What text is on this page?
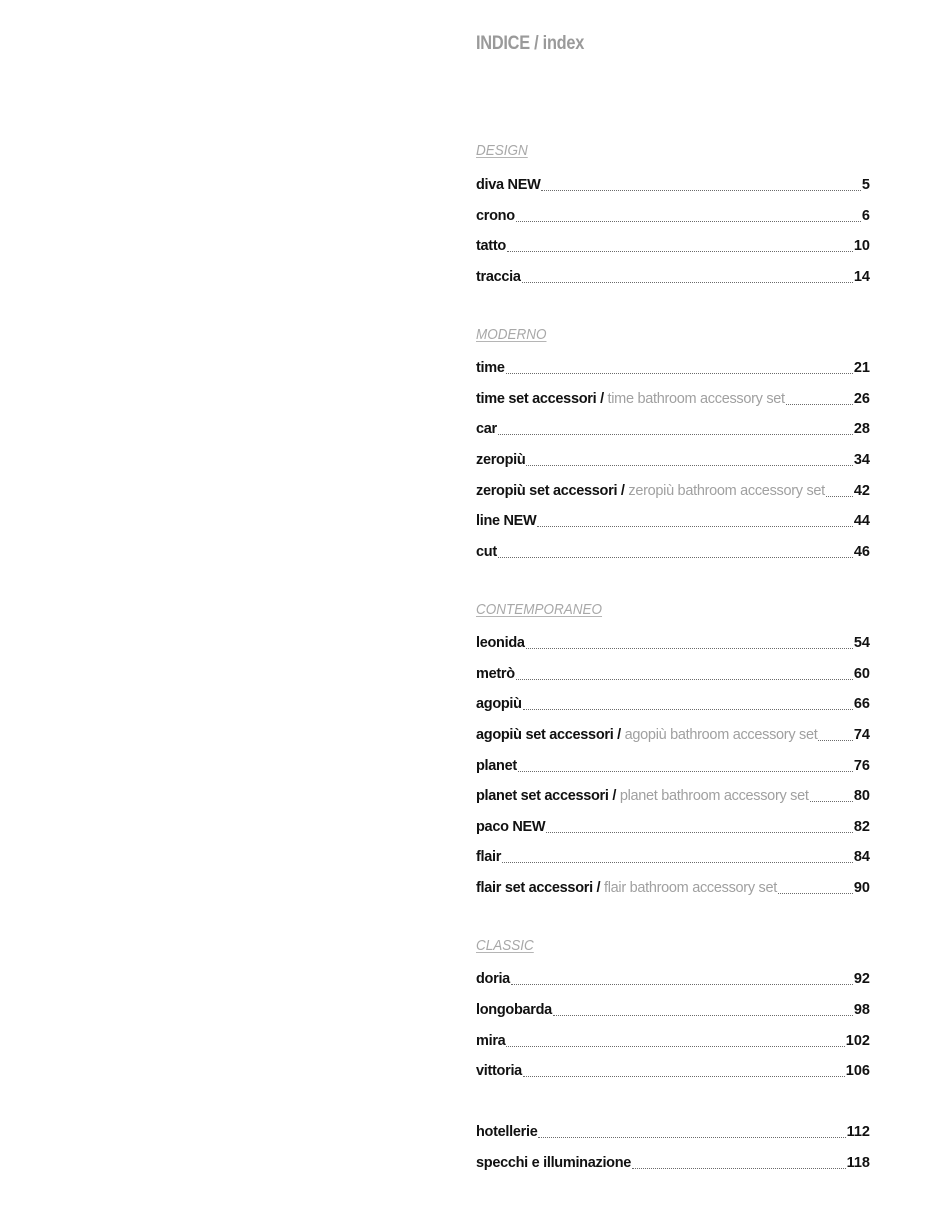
INDICE / index
DESIGN
diva NEW	5
crono	6
tatto	10
traccia	14
MODERNO
time	21
time set accessori / time bathroom accessory set	26
car	28
zeropiù	34
zeropiù set accessori / zeropiù bathroom accessory set 42
line NEW	44
cut	46
CONTEMPORANEO
leonida	54
metrò	60
agopiù	66
agopiù set accessori / agopiù bathroom accessory set	74
planet	76
planet set accessori / planet bathroom accessory set	80
paco NEW	82
flair	84
flair set accessori / flair bathroom accessory set	90
CLASSIC
doria	92
longobarda	98
mira	102
vittoria	106
hotellerie	112
specchi e illuminazione	118
